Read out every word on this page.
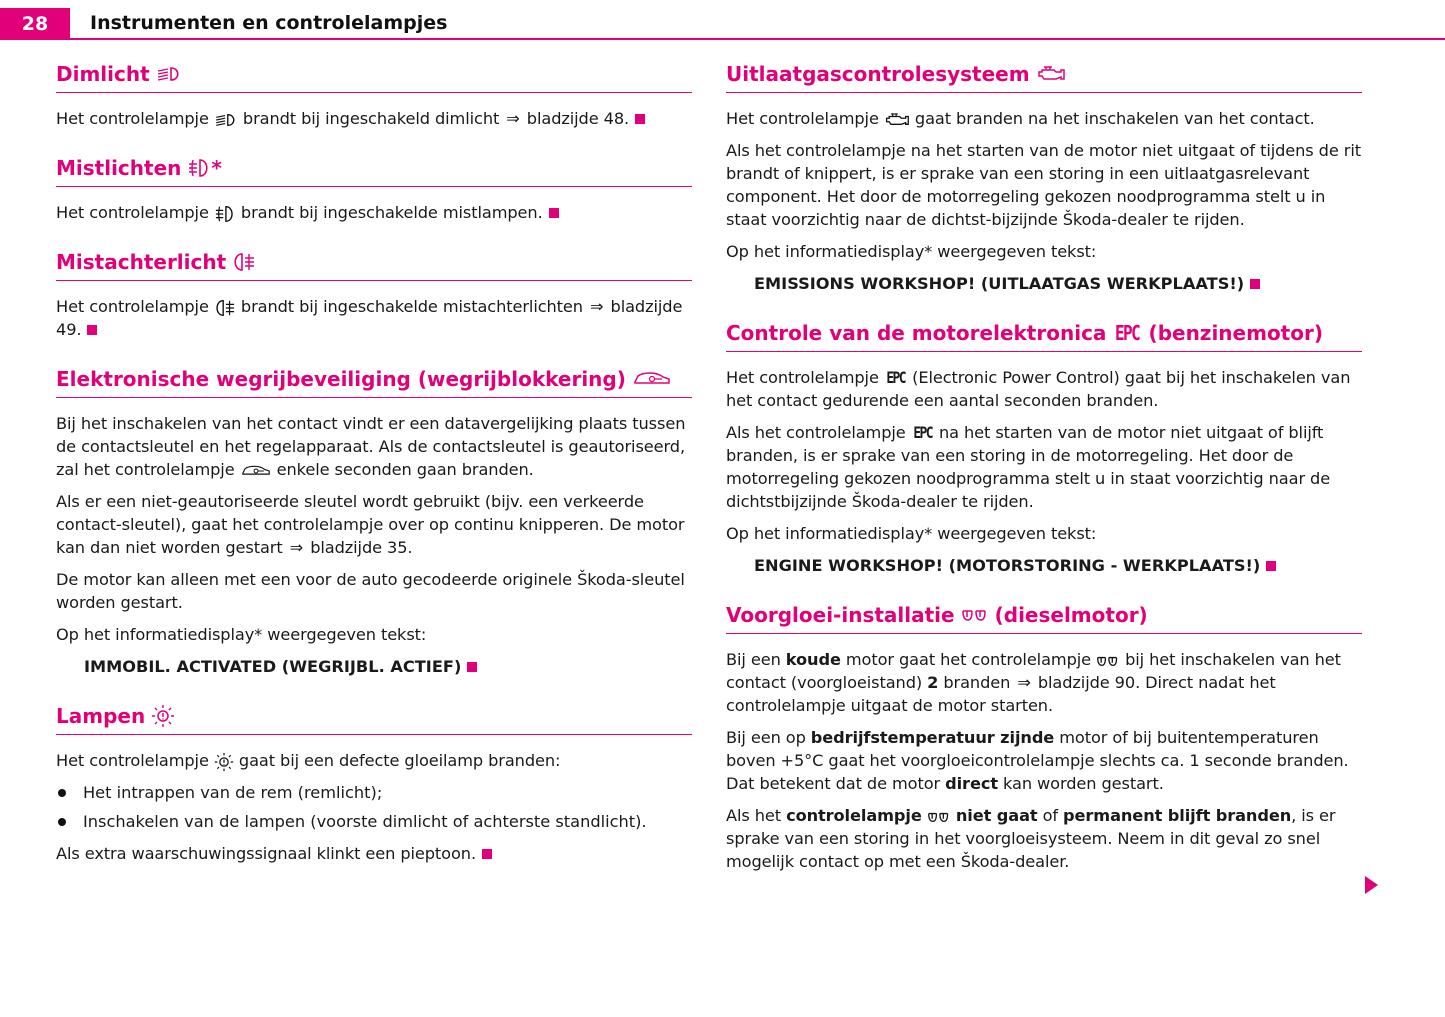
28	Instrumenten en controlelampjes
Dimlicht

Het controlelampje brandt bij ingeschakeld dimlicht ⇒ bladzijde 48.

Mistlichten *

Het controlelampje brandt bij ingeschakelde mistlampen.

Mistachterlicht

Het controlelampje brandt bij ingeschakelde mistachterlichten ⇒ bladzijde 49.

Elektronische wegrijbeveiliging (wegrijblokkering)

Bij het inschakelen van het contact vindt er een datavergelijking plaats tussen de contactsleutel en het regelapparaat. Als de contactsleutel is geautoriseerd, zal het controlelampje	enkele seconden gaan branden.

Als er een niet-geautoriseerde sleutel wordt gebruikt (bijv. een verkeerde contact-sleutel), gaat het controlelampje over op continu knipperen. De motor kan dan niet worden gestart ⇒ bladzijde 35.

De motor kan alleen met een voor de auto gecodeerde originele Škoda-sleutel worden gestart.

Op het informatiedisplay* weergegeven tekst:

IMMOBIL. ACTIVATED (WEGRIJBL. ACTIEF)

Lampen

Het controlelampje gaat bij een defecte gloeilamp branden:

Het intrappen van de rem (remlicht);
Inschakelen van de lampen (voorste dimlicht of achterste standlicht).

Als extra waarschuwingssignaal klinkt een pieptoon.

Uitlaatgascontrolesysteem

Het controlelampje gaat branden na het inschakelen van het contact.

Als het controlelampje na het starten van de motor niet uitgaat of tijdens de rit brandt of knippert, is er sprake van een storing in een uitlaatgasrelevant component. Het door de motorregeling gekozen noodprogramma stelt u in staat voorzichtig naar de dichtst-bijzijnde Škoda-dealer te rijden.

Op het informatiedisplay* weergegeven tekst:

EMISSIONS WORKSHOP! (UITLAATGAS WERKPLAATS!)

Controle van de motorelektronica EPC (benzinemotor)

Het controlelampje EPC (Electronic Power Control) gaat bij het inschakelen van het contact gedurende een aantal seconden branden.

Als het controlelampje EPC na het starten van de motor niet uitgaat of blijft branden, is er sprake van een storing in de motorregeling. Het door de motorregeling gekozen noodprogramma stelt u in staat voorzichtig naar de dichtstbijzijnde Škoda-dealer te rijden.

Op het informatiedisplay* weergegeven tekst:

ENGINE WORKSHOP! (MOTORSTORING - WERKPLAATS!)

Voorgloei-installatie (dieselmotor)

Bij een koude motor gaat het controlelampje bij het inschakelen van het contact (voorgloeistand) 2 branden ⇒ bladzijde 90. Direct nadat het controlelampje uitgaat de motor starten.

Bij een op bedrijfstemperatuur zijnde motor of bij buitentemperaturen boven +5°C gaat het voorgloeicontrolelampje slechts ca. 1 seconde branden. Dat betekent dat de motor direct kan worden gestart.

Als het controlelampje niet gaat of permanent blijft branden, is er sprake van een storing in het voorgloeisysteem. Neem in dit geval zo snel mogelijk contact op met een Škoda-dealer.
